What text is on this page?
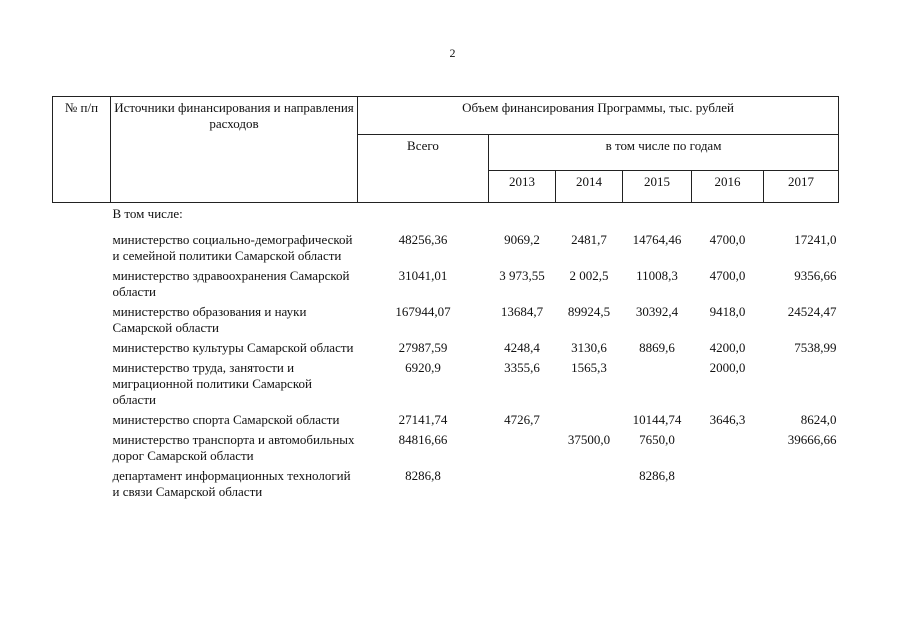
2
№ п/п	Источники финансирования и направления расходов	Объем финансирования Программы, тыс. рублей					
		Всего	в том числе по годам				
			2013	2014	2015	2016	2017
	В том числе:						
	министерство социально-демографической и семейной политики Самарской области	48256,36	9069,2	2481,7	14764,46	4700,0	17241,0
	министерство здравоохранения Самарской области	31041,01	3 973,55	2 002,5	11008,3	4700,0	9356,66
	министерство образования и науки Самарской области	167944,07	13684,7	89924,5	30392,4	9418,0	24524,47
	министерство культуры Самарской области	27987,59	4248,4	3130,6	8869,6	4200,0	7538,99
	министерство труда, занятости и миграционной политики Самарской области	6920,9	3355,6	1565,3		2000,0	
	министерство спорта Самарской области	27141,74	4726,7		10144,74	3646,3	8624,0
	министерство транспорта и автомобильных дорог Самарской области	84816,66		37500,0	7650,0		39666,66
	департамент информационных технологий и связи Самарской области	8286,8			8286,8		
